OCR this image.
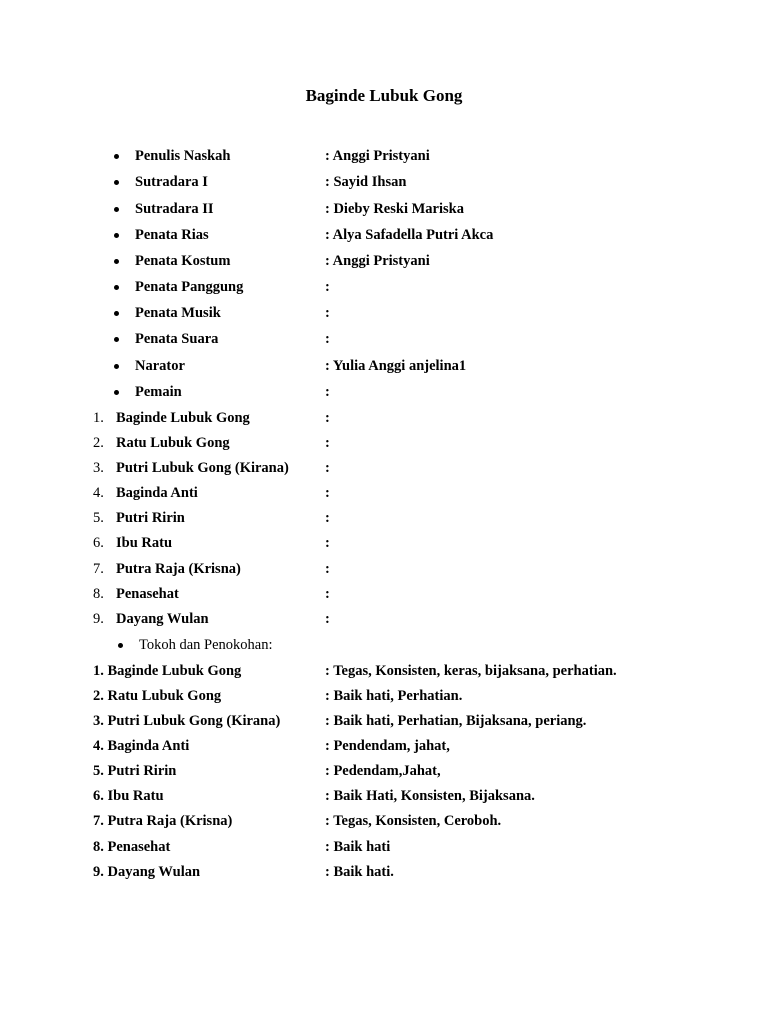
Baginde Lubuk Gong
Penulis Naskah	: Anggi Pristyani
Sutradara I	: Sayid Ihsan
Sutradara II	: Dieby Reski Mariska
Penata Rias	: Alya Safadella Putri Akca
Penata Kostum	: Anggi Pristyani
Penata Panggung	:
Penata Musik	:
Penata Suara	:
Narator	: Yulia Anggi anjelina1
Pemain	:
1. Baginde Lubuk Gong	:
2. Ratu Lubuk Gong	:
3. Putri Lubuk Gong (Kirana) :
4. Baginda Anti	:
5. Putri Ririn	:
6. Ibu Ratu	:
7. Putra Raja (Krisna)	:
8. Penasehat	:
9. Dayang Wulan	:
Tokoh dan Penokohan:
1. Baginde Lubuk Gong	: Tegas, Konsisten, keras, bijaksana, perhatian.
2. Ratu Lubuk Gong	: Baik hati, Perhatian.
3. Putri Lubuk Gong (Kirana)	: Baik hati, Perhatian, Bijaksana, periang.
4. Baginda Anti	: Pendendam, jahat,
5. Putri Ririn	: Pedendam,Jahat,
6. Ibu Ratu	: Baik Hati, Konsisten, Bijaksana.
7. Putra Raja (Krisna)	: Tegas, Konsisten, Ceroboh.
8. Penasehat	: Baik hati
9. Dayang Wulan	: Baik hati.
